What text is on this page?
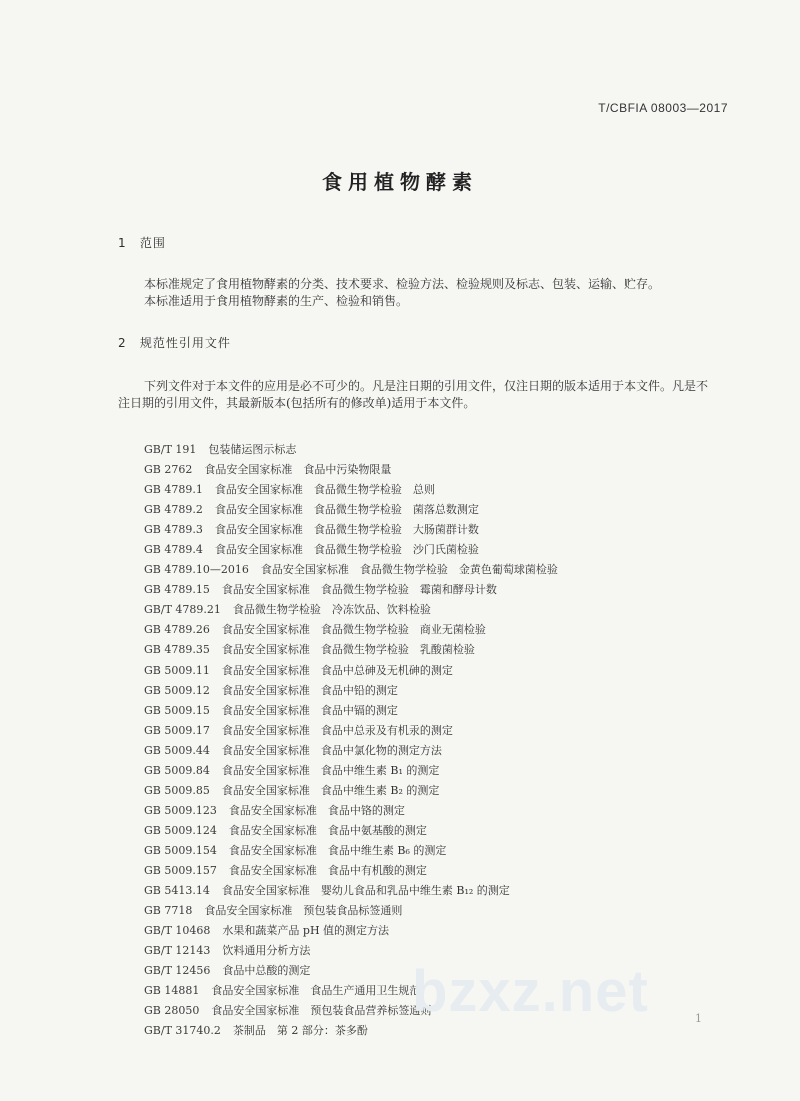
T/CBFIA 08003—2017
食用植物酵素
1 范围

本标准规定了食用植物酵素的分类、技术要求、检验方法、检验规则及标志、包装、运输、贮存。

本标准适用于食用植物酵素的生产、检验和销售。

2 规范性引用文件

下列文件对于本文件的应用是必不可少的。凡是注日期的引用文件，仅注日期的版本适用于本文件。凡是不注日期的引用文件，其最新版本(包括所有的修改单)适用于本文件。

GB/T 191 包装储运图示标志
GB 2762 食品安全国家标准　食品中污染物限量
GB 4789.1 食品安全国家标准　食品微生物学检验　总则
GB 4789.2 食品安全国家标准　食品微生物学检验　菌落总数测定
GB 4789.3 食品安全国家标准　食品微生物学检验　大肠菌群计数
GB 4789.4 食品安全国家标准　食品微生物学检验　沙门氏菌检验
GB 4789.10—2016 食品安全国家标准　食品微生物学检验　金黄色葡萄球菌检验
GB 4789.15 食品安全国家标准　食品微生物学检验　霉菌和酵母计数
GB/T 4789.21 食品微生物学检验　冷冻饮品、饮料检验
GB 4789.26 食品安全国家标准　食品微生物学检验　商业无菌检验
GB 4789.35 食品安全国家标准　食品微生物学检验　乳酸菌检验
GB 5009.11 食品安全国家标准　食品中总砷及无机砷的测定
GB 5009.12 食品安全国家标准　食品中铅的测定
GB 5009.15 食品安全国家标准　食品中镉的测定
GB 5009.17 食品安全国家标准　食品中总汞及有机汞的测定
GB 5009.44 食品安全国家标准　食品中氯化物的测定方法
GB 5009.84 食品安全国家标准　食品中维生素 B₁ 的测定
GB 5009.85 食品安全国家标准　食品中维生素 B₂ 的测定
GB 5009.123 食品安全国家标准　食品中铬的测定
GB 5009.124 食品安全国家标准　食品中氨基酸的测定
GB 5009.154 食品安全国家标准　食品中维生素 B₆ 的测定
GB 5009.157 食品安全国家标准　食品中有机酸的测定
GB 5413.14 食品安全国家标准　婴幼儿食品和乳品中维生素 B₁₂ 的测定
GB 7718 食品安全国家标准　预包装食品标签通则
GB/T 10468 水果和蔬菜产品 pH 值的测定方法
GB/T 12143 饮料通用分析方法
GB/T 12456 食品中总酸的测定
GB 14881 食品安全国家标准　食品生产通用卫生规范
GB 28050 食品安全国家标准　预包装食品营养标签通则
GB/T 31740.2 茶制品　第 2 部分：茶多酚
bzxz.net	1
